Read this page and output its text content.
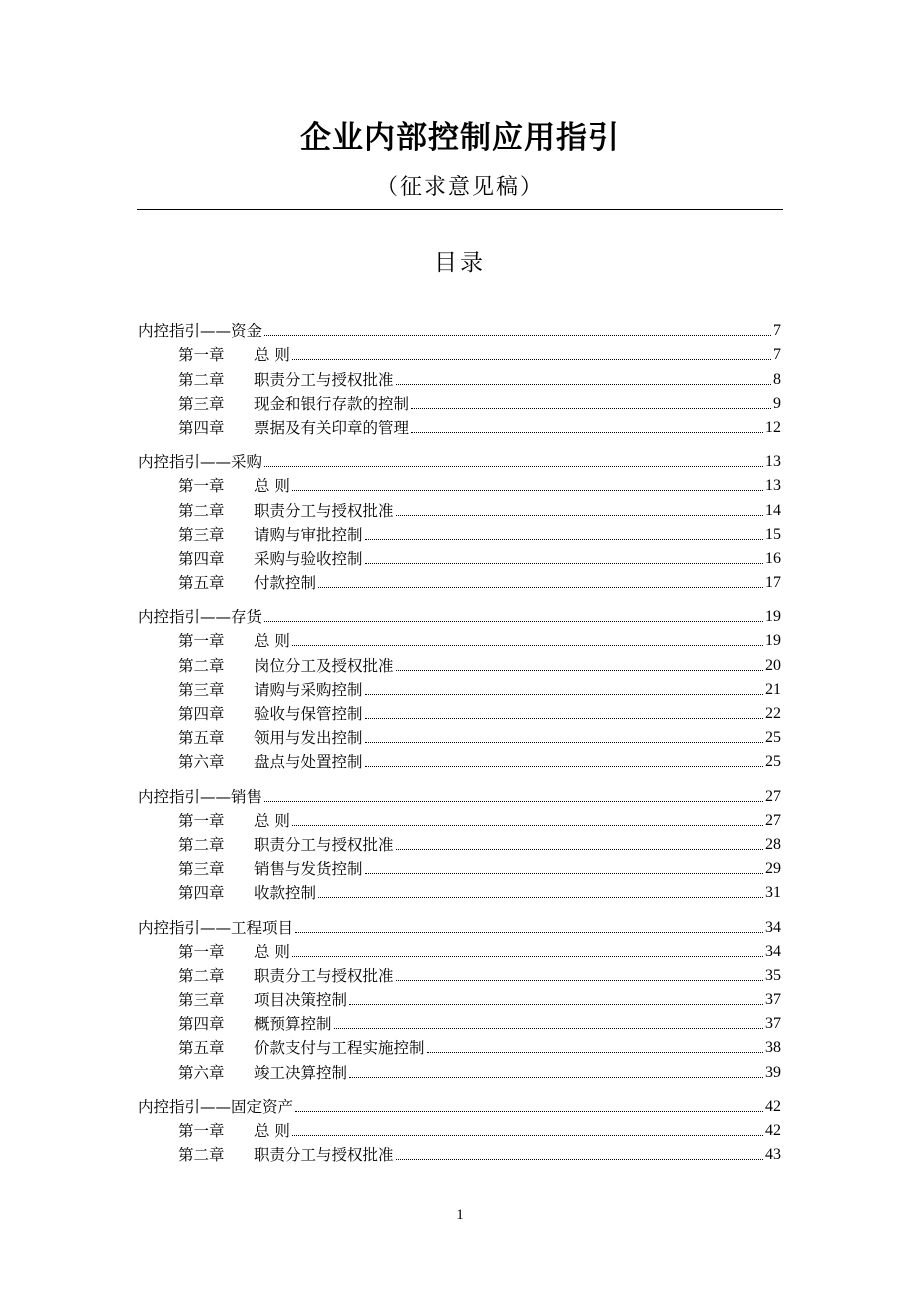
企业内部控制应用指引
（征求意见稿）
目录
内控指引——资金	7
第一章 总 则	7
第二章 职责分工与授权批准	8
第三章 现金和银行存款的控制	9
第四章 票据及有关印章的管理	12
内控指引——采购	13
第一章 总 则	13
第二章 职责分工与授权批准	14
第三章 请购与审批控制	15
第四章 采购与验收控制	16
第五章 付款控制	17
内控指引——存货	19
第一章 总 则	19
第二章 岗位分工及授权批准	20
第三章 请购与采购控制	21
第四章 验收与保管控制	22
第五章 领用与发出控制	25
第六章 盘点与处置控制	25
内控指引——销售	27
第一章 总 则	27
第二章 职责分工与授权批准	28
第三章 销售与发货控制	29
第四章 收款控制	31
内控指引——工程项目	34
第一章 总 则	34
第二章 职责分工与授权批准	35
第三章 项目决策控制	37
第四章 概预算控制	37
第五章 价款支付与工程实施控制	38
第六章 竣工决算控制	39
内控指引——固定资产	42
第一章 总 则	42
第二章 职责分工与授权批准	43
1
